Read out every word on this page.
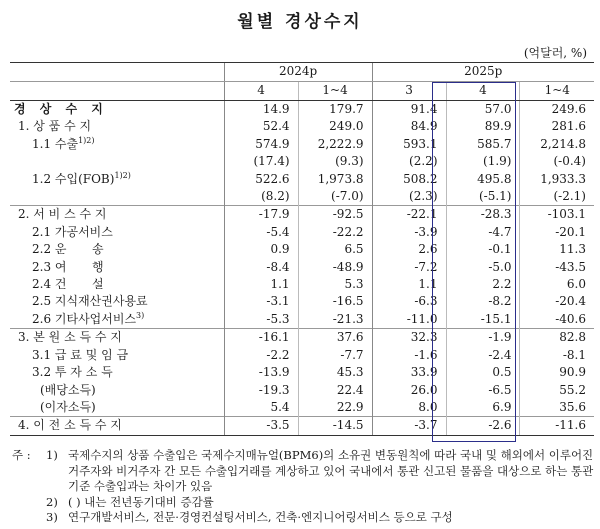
월별 경상수지
(억달러, %)
	2024p		2025p		
	4	1~4	3	4	1~4
경 상 수 지	14.9	179.7	91.4	57.0	249.6
1. 상 품 수 지	52.4	249.0	84.9	89.9	281.6
1.1 수출$^{1)2)}$	574.9	2,222.9	593.1	585.7	2,214.8
	(17.4)	(9.3)	(2.2)	(1.9)	(-0.4)
1.2 수입(FOB)$^{1)2)}$	522.6	1,973.8	508.2	495.8	1,933.3
	(8.2)	(-7.0)	(2.3)	(-5.1)	(-2.1)
2. 서 비 스 수 지	-17.9	-92.5	-22.1	-28.3	-103.1
2.1 가공서비스	-5.4	-22.2	-3.9	-4.7	-20.1
2.2 운 송	0.9	6.5	2.6	-0.1	11.3
2.3 여 행	-8.4	-48.9	-7.2	-5.0	-43.5
2.4 건 설	1.1	5.3	1.1	2.2	6.0
2.5 지식재산권사용료	-3.1	-16.5	-6.3	-8.2	-20.4
2.6 기타사업서비스$^{3)}$	-5.3	-21.3	-11.0	-15.1	-40.6
3. 본 원 소 득 수 지	-16.1	37.6	32.3	-1.9	82.8
3.1 급 료 및 임 금	-2.2	-7.7	-1.6	-2.4	-8.1
3.2 투 자 소 득	-13.9	45.3	33.9	0.5	90.9
(배당소득)	-19.3	22.4	26.0	-6.5	55.2
(이자소득)	5.4	22.9	8.0	6.9	35.6
4. 이 전 소 득 수 지	-3.5	-14.5	-3.7	-2.6	-11.6
주 :	1) 국제수지의 상품 수출입은 국제수지매뉴얼(BPM6)의 소유권 변동원칙에 따라 국내 및 해외에서 이루어진 거주자와 비거주자 간 모든 수출입거래를 계상하고 있어 국내에서 통관 신고된 물품을 대상으로 하는 통관기준 수출입과는 차이가 있음
2) ( ) 내는 전년동기대비 증감률
3) 연구개발서비스, 전문·경영컨설팅서비스, 건축·엔지니어링서비스 등으로 구성
